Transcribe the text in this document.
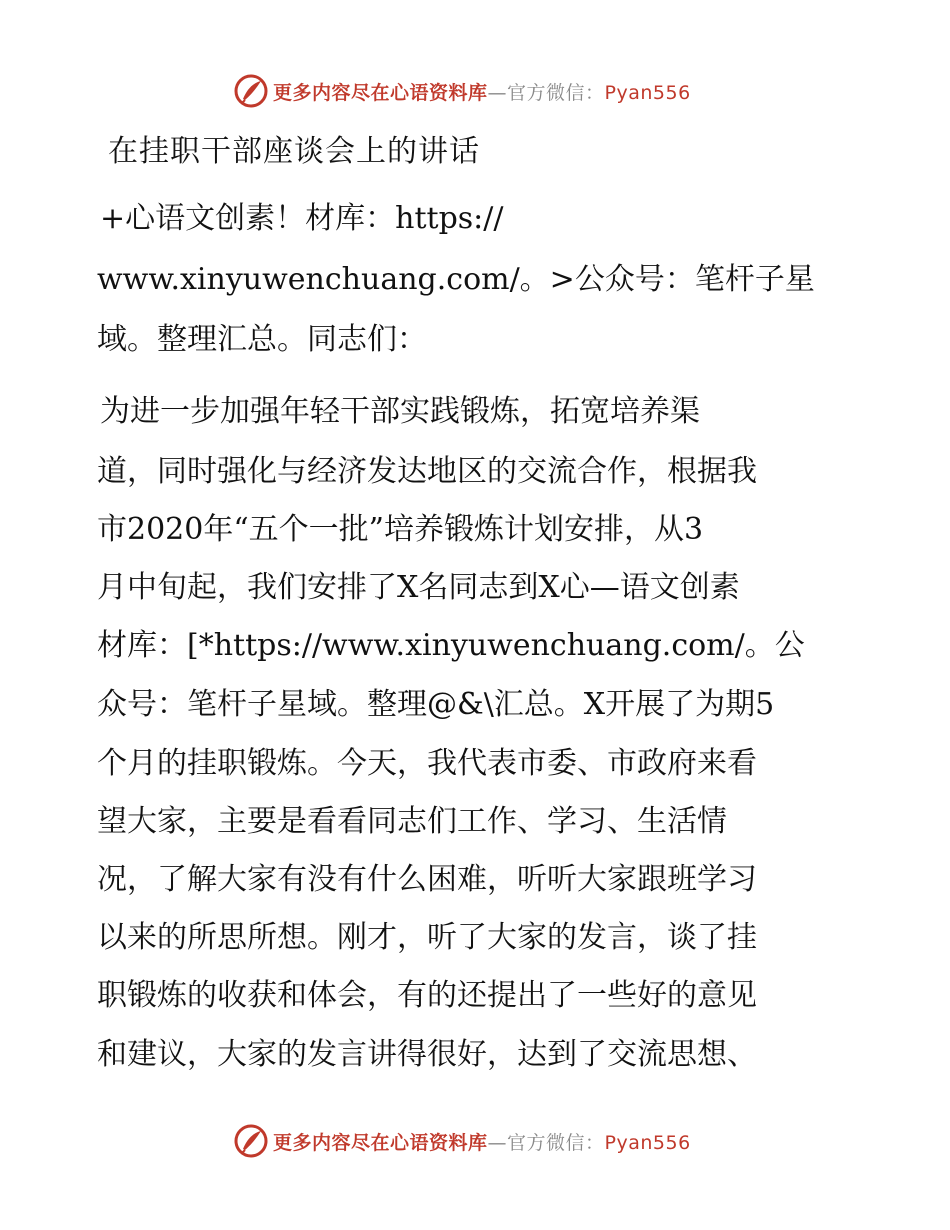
更多内容尽在心语资料库—官方微信：Pyan556
在挂职干部座谈会上的讲话
+心语文创素！材库：https://
www.xinyuwenchuang.com/。>公众号：笔杆子星
域。整理汇总。同志们：
为进一步加强年轻干部实践锻炼，拓宽培养渠
道，同时强化与经济发达地区的交流合作，根据我
市2020年“五个一批”培养锻炼计划安排，从3
月中旬起，我们安排了X名同志到X心—语文创素
材库：[*https://www.xinyuwenchuang.com/。公
众号：笔杆子星域。整理@&\汇总。X开展了为期5
个月的挂职锻炼。今天，我代表市委、市政府来看
望大家，主要是看看同志们工作、学习、生活情
况，了解大家有没有什么困难，听听大家跟班学习
以来的所思所想。刚才，听了大家的发言，谈了挂
职锻炼的收获和体会，有的还提出了一些好的意见
和建议，大家的发言讲得很好，达到了交流思想、
更多内容尽在心语资料库—官方微信：Pyan556
